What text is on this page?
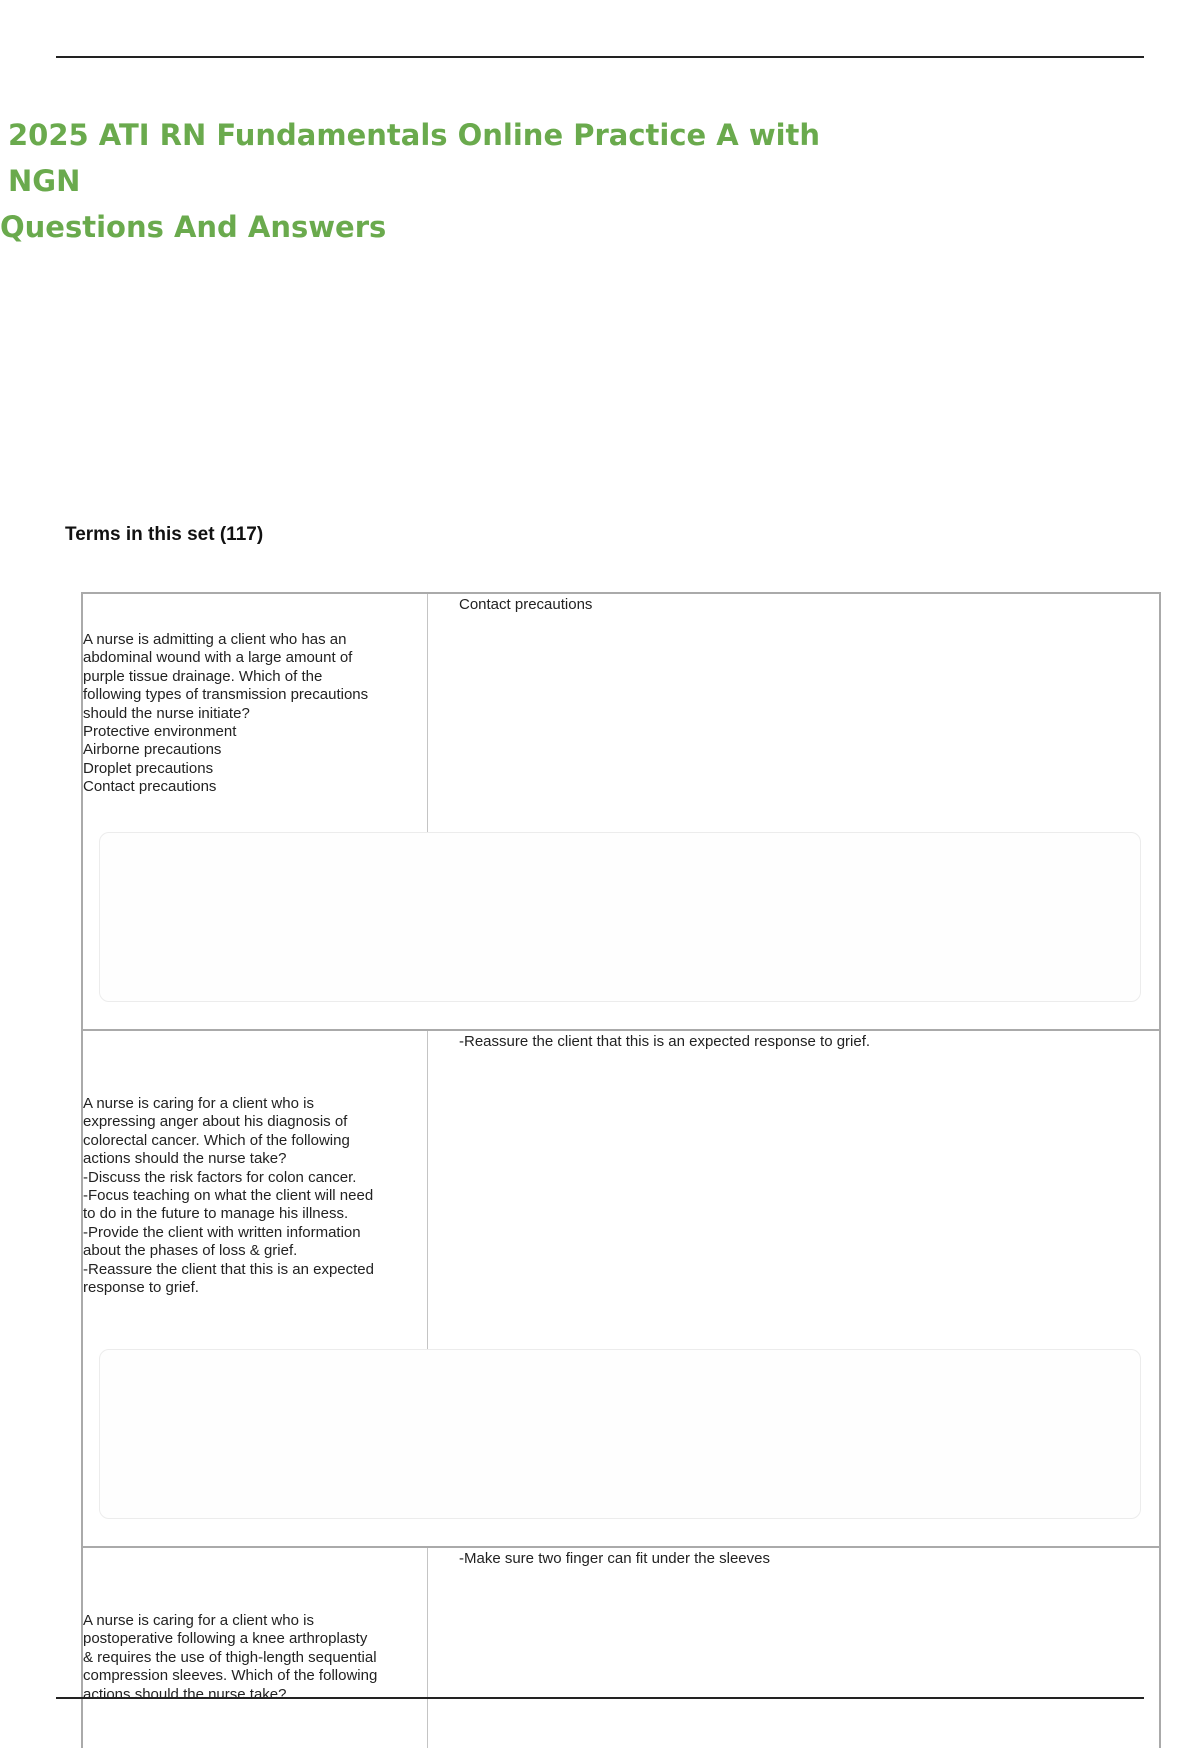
2025 ATI RN Fundamentals Online Practice A with NGN
Questions And Answers
Terms in this set (117)

A nurse is admitting a client who has an
abdominal wound with a large amount of
purple tissue drainage. Which of the
following types of transmission precautions
should the nurse initiate?
Protective environment
Airborne precautions
Droplet precautions
Contact precautions

Contact precautions

A nurse is caring for a client who is
expressing anger about his diagnosis of
colorectal cancer. Which of the following
actions should the nurse take?
-Discuss the risk factors for colon cancer.
-Focus teaching on what the client will need
to do in the future to manage his illness.
-Provide the client with written information
about the phases of loss & grief.
-Reassure the client that this is an expected
response to grief.

-Reassure the client that this is an expected response to grief.

A nurse is caring for a client who is
postoperative following a knee arthroplasty
& requires the use of thigh-length sequential
compression sleeves. Which of the following
actions should the nurse take?

-Make sure two finger can fit under the sleeves
